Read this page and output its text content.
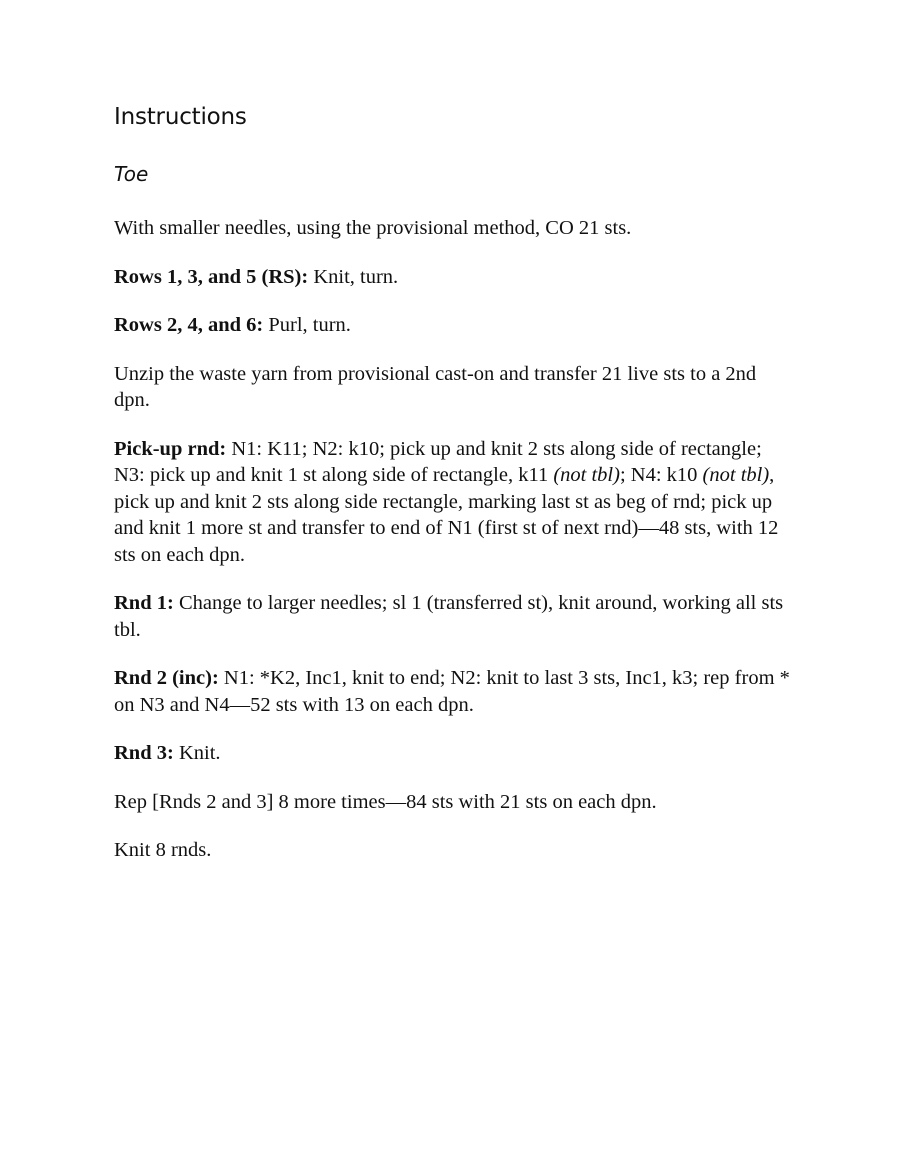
Instructions
Toe

With smaller needles, using the provisional method, CO 21 sts.

Rows 1, 3, and 5 (RS): Knit, turn.

Rows 2, 4, and 6: Purl, turn.

Unzip the waste yarn from provisional cast-on and transfer 21 live sts to a 2nd dpn.

Pick-up rnd: N1: K11; N2: k10; pick up and knit 2 sts along side of rectangle; N3: pick up and knit 1 st along side of rectangle, k11 (not tbl); N4: k10 (not tbl), pick up and knit 2 sts along side rectangle, marking last st as beg of rnd; pick up and knit 1 more st and transfer to end of N1 (first st of next rnd)—48 sts, with 12 sts on each dpn.

Rnd 1: Change to larger needles; sl 1 (transferred st), knit around, working all sts tbl.

Rnd 2 (inc): N1: *K2, Inc1, knit to end; N2: knit to last 3 sts, Inc1, k3; rep from * on N3 and N4—52 sts with 13 on each dpn.

Rnd 3: Knit.

Rep [Rnds 2 and 3] 8 more times—84 sts with 21 sts on each dpn.

Knit 8 rnds.
